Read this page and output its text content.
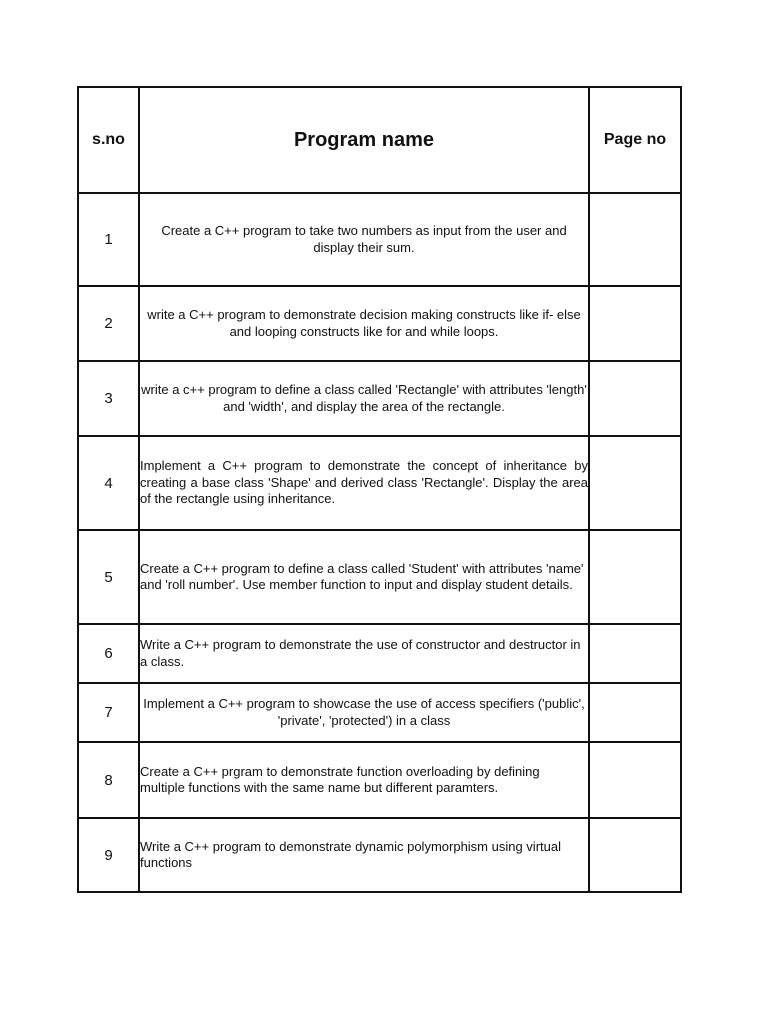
s.no	Program name	Page no
1	Create a C++ program to take two numbers as input from the user and display their sum.	
2	write a C++ program to demonstrate decision making constructs like if- else and looping constructs like for and while loops.	
3	write a c++ program to define a class called 'Rectangle' with attributes 'length' and 'width', and display the area of the rectangle.	
4	Implement a C++ program to demonstrate the concept of inheritance by creating a base class 'Shape' and derived class 'Rectangle'. Display the area of the rectangle using inheritance.	
5	Create a C++ program to define a class called 'Student' with attributes 'name' and 'roll number'. Use member function to input and display student details.	
6	Write a C++ program to demonstrate the use of constructor and destructor in a class.	
7	Implement a C++ program to showcase the use of access specifiers ('public', 'private', 'protected') in a class	
8	Create a C++ prgram to demonstrate function overloading by defining multiple functions with the same name but different paramters.	
9	Write a C++ program to demonstrate dynamic polymorphism using virtual functions	
